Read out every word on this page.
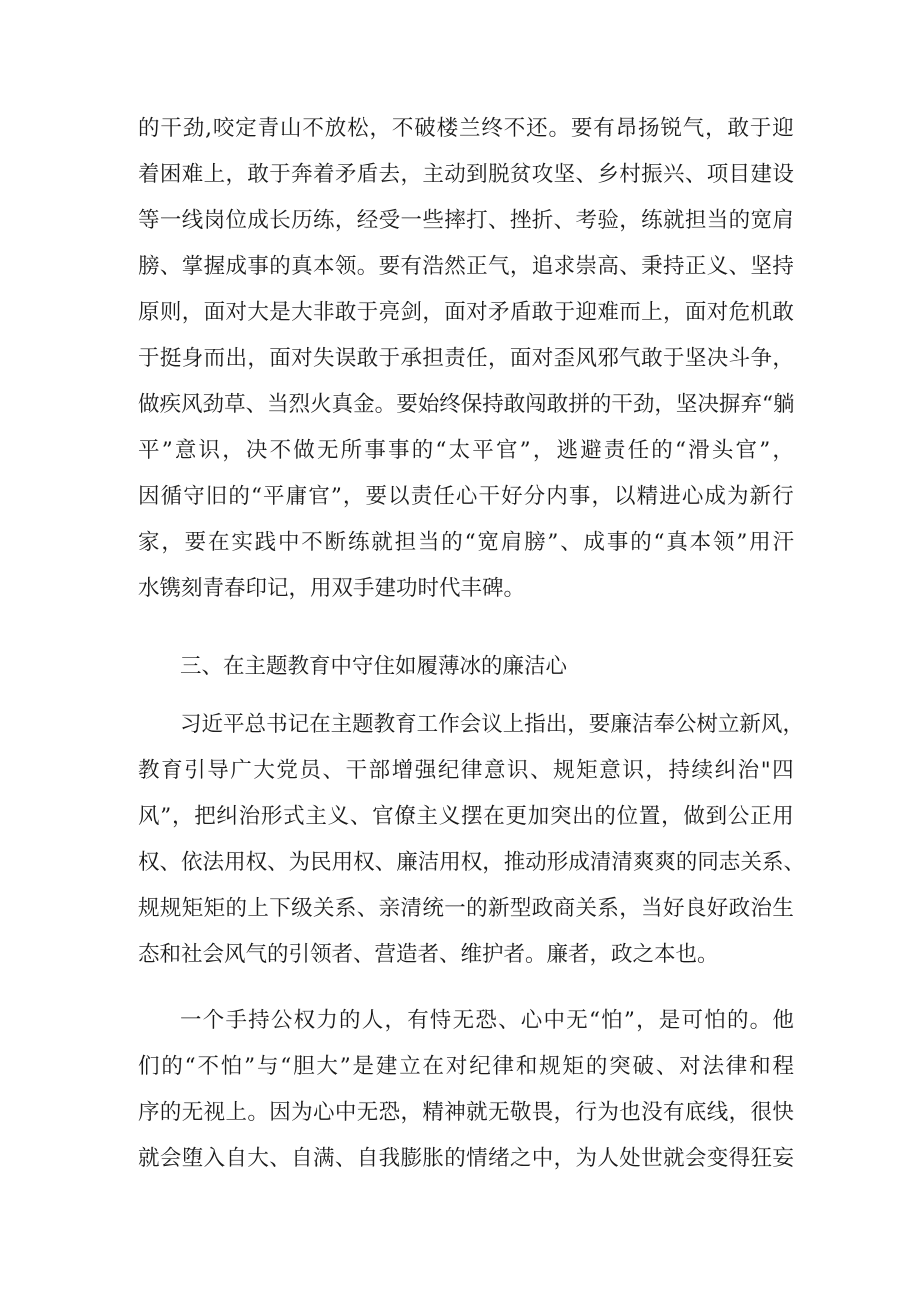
的 干 劲 , 咬 定 青 山 不 放 松 ， 不 破 楼 兰 终 不 还 。 要 有 昂 扬 锐 气 ， 敢 于 迎
着 困 难 上 ， 敢 于 奔 着 矛 盾 去 ， 主 动 到 脱 贫 攻 坚 、 乡 村 振 兴 、 项 目 建 设
等 一 线 岗 位 成 长 历 练 ， 经 受 一 些 摔 打 、 挫 折 、 考 验 ， 练 就 担 当 的 宽 肩
膀 、 掌 握 成 事 的 真 本 领 。 要 有 浩 然 正 气 ， 追 求 崇 高 、 秉 持 正 义 、 坚 持
原 则 ， 面 对 大 是 大 非 敢 于 亮 剑 ， 面 对 矛 盾 敢 于 迎 难 而 上 ， 面 对 危 机 敢
于 挺 身 而 出 ， 面 对 失 误 敢 于 承 担 责 任 ， 面 对 歪 风 邪 气 敢 于 坚 决 斗 争 ，
做 疾 风 劲 草 、 当 烈 火 真 金 。 要 始 终 保 持 敢 闯 敢 拼 的 干 劲 ， 坚 决 摒 弃 “ 躺
平 ” 意 识 ， 决 不 做 无 所 事 事 的 “ 太 平 官 ” ， 逃 避 责 任 的 “ 滑 头 官 ” ，
因 循 守 旧 的 “ 平 庸 官 ” ， 要 以 责 任 心 干 好 分 内 事 ， 以 精 进 心 成 为 新 行
家 ， 要 在 实 践 中 不 断 练 就 担 当 的 “ 宽 肩 膀 ” 、 成 事 的 “ 真 本 领 ” 用 汗
水镌刻青春印记，用双手建功时代丰碑。
三、在主题教育中守住如履薄冰的廉洁心
习 近 平 总 书 记 在 主 题 教 育 工 作 会 议 上 指 出 ， 要 廉 洁 奉 公 树 立 新 风 ，
教 育 引 导 广 大 党 员 、 干 部 增 强 纪 律 意 识 、 规 矩 意 识 ， 持 续 纠 治 " 四
风 ” ， 把 纠 治 形 式 主 义 、 官 僚 主 义 摆 在 更 加 突 出 的 位 置 ， 做 到 公 正 用
权 、 依 法 用 权 、 为 民 用 权 、 廉 洁 用 权 ， 推 动 形 成 清 清 爽 爽 的 同 志 关 系 、
规 规 矩 矩 的 上 下 级 关 系 、 亲 清 统 一 的 新 型 政 商 关 系 ， 当 好 良 好 政 治 生
态和社会风气的引领者、营造者、维护者。廉者，政之本也。
一 个 手 持 公 权 力 的 人 ， 有 恃 无 恐 、 心 中 无 “ 怕 ” ， 是 可 怕 的 。 他
们 的 “ 不 怕 ” 与 “ 胆 大 ” 是 建 立 在 对 纪 律 和 规 矩 的 突 破 、 对 法 律 和 程
序 的 无 视 上 。 因 为 心 中 无 恐 ， 精 神 就 无 敬 畏 ， 行 为 也 没 有 底 线 ， 很 快
就 会 堕 入 自 大 、 自 满 、 自 我 膨 胀 的 情 绪 之 中 ， 为 人 处 世 就 会 变 得 狂 妄
